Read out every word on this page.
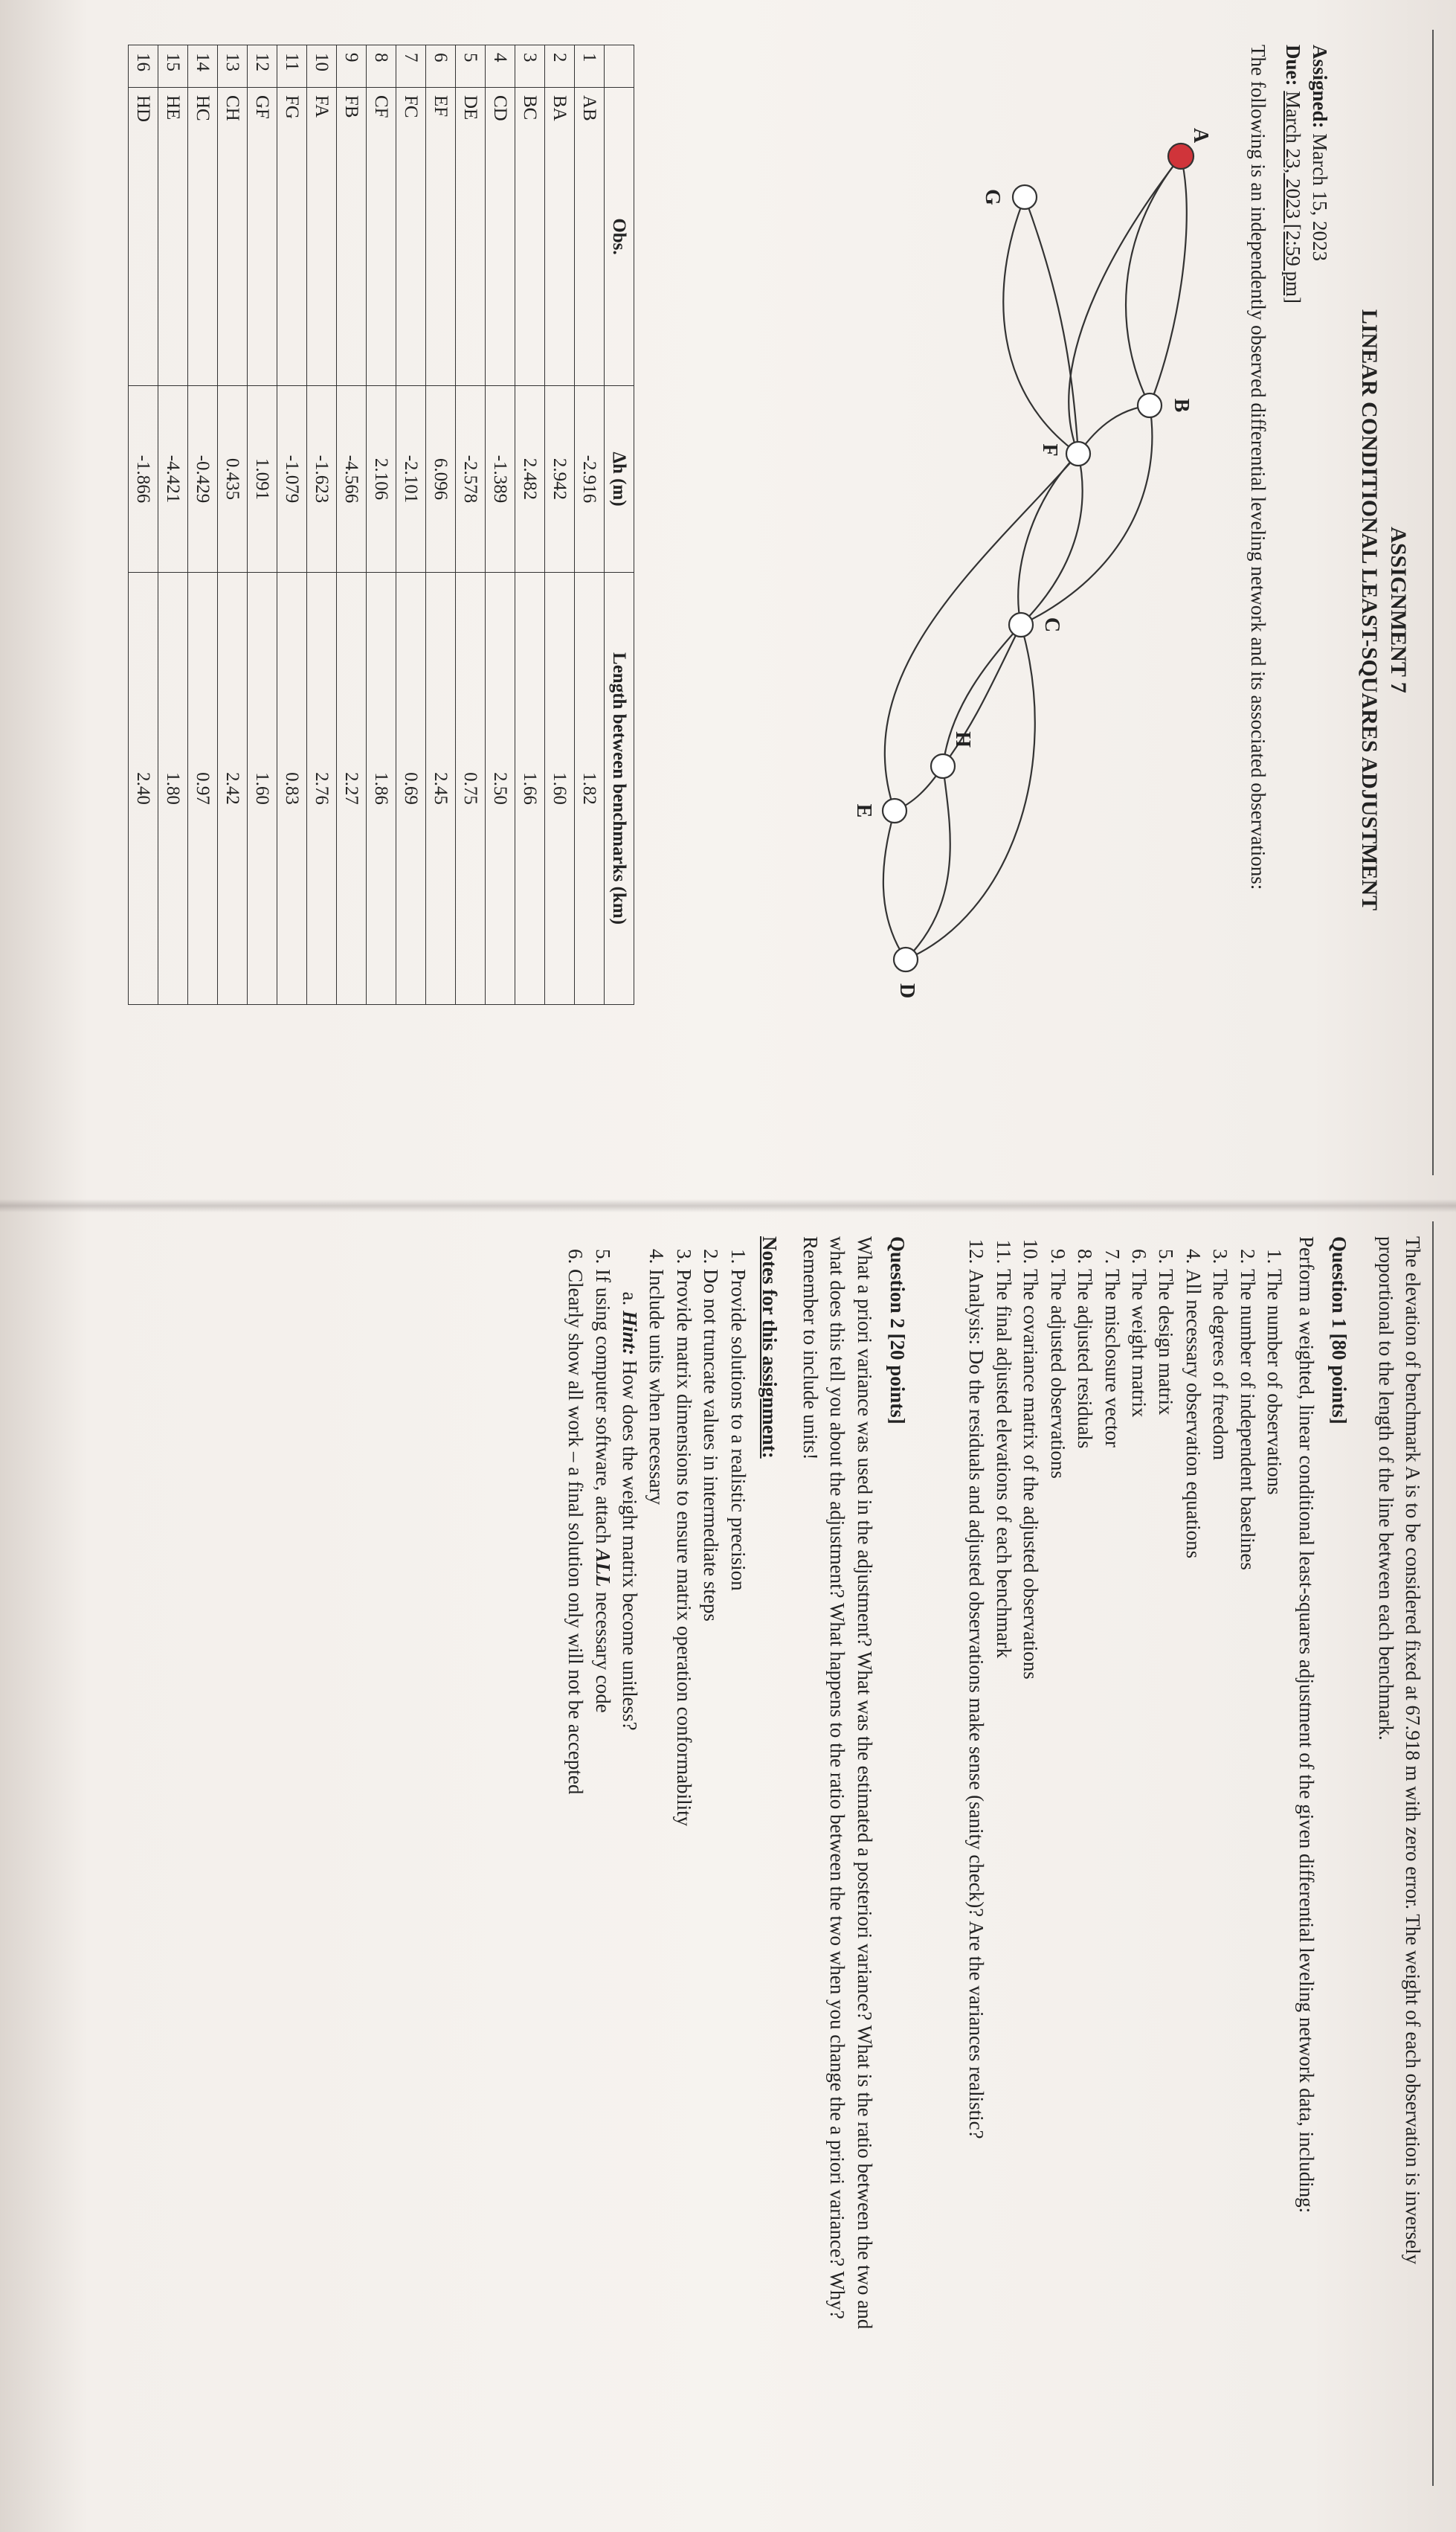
ASSIGNMENT 7
LINEAR CONDITIONAL LEAST-SQUARES ADJUSTMENT
Assigned: March 15, 2023
Due: March 23, 2023 [2:59 pm]
The following is an independently observed differential leveling network and its associated observations:
A
B
C
D
E
F
G
H
	Obs.	Δh (m)	Length between benchmarks (km)
1	AB	-2.916	1.82
2	BA	2.942	1.60
3	BC	2.482	1.66
4	CD	-1.389	2.50
5	DE	-2.578	0.75
6	EF	6.096	2.45
7	FC	-2.101	0.69
8	CF	2.106	1.86
9	FB	-4.566	2.27
10	FA	-1.623	2.76
11	FG	-1.079	0.83
12	GF	1.091	1.60
13	CH	0.435	2.42
14	HC	-0.429	0.97
15	HE	-4.421	1.80
16	HD	-1.866	2.40
The elevation of benchmark A is to be considered fixed at 67.918 m with zero error. The weight of each observation is inversely proportional to the length of the line between each benchmark.
Question 1 [80 points]
Perform a weighted, linear conditional least-squares adjustment of the given differential leveling network data, including:
1. The number of observations
2. The number of independent baselines
3. The degrees of freedom
4. All necessary observation equations
5. The design matrix
6. The weight matrix
7. The misclosure vector
8. The adjusted residuals
9. The adjusted observations
10. The covariance matrix of the adjusted observations
11. The final adjusted elevations of each benchmark
12. Analysis: Do the residuals and adjusted observations make sense (sanity check)? Are the variances realistic?
Question 2 [20 points]
What a priori variance was used in the adjustment? What was the estimated a posteriori variance? What is the ratio between the two and what does this tell you about the adjustment? What happens to the ratio between the two when you change the a priori variance? Why? Remember to include units!
Notes for this assignment:
1. Provide solutions to a realistic precision
2. Do not truncate values in intermediate steps
3. Provide matrix dimensions to ensure matrix operation conformability
4. Include units when necessary
a. Hint: How does the weight matrix become unitless?
5. If using computer software, attach ALL necessary code
6. Clearly show all work – a final solution only will not be accepted
